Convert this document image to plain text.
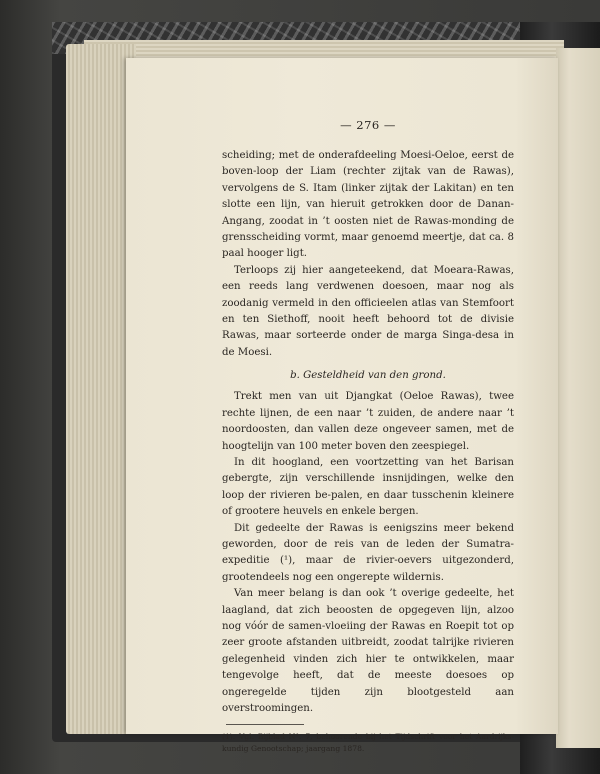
— 276 —

scheiding; met de onderafdeeling Moesi-Oeloe, eerst de boven-loop der Liam (rechter zijtak van de Rawas), vervolgens de S. Itam (linker zijtak der Lakitan) en ten slotte een lijn, van hieruit getrokken door de Danan-Angang, zoodat in ’t oosten niet de Rawas-monding de grensscheiding vormt, maar genoemd meertje, dat ca. 8 paal hooger ligt.

Terloops zij hier aangeteekend, dat Moeara-Rawas, een reeds lang verdwenen doesoen, maar nog als zoodanig vermeld in den officieelen atlas van Stemfoort en ten Siethoff, nooit heeft behoord tot de divisie Rawas, maar sorteerde onder de marga Singa-desa in de Moesi.

b. Gesteldheid van den grond.

Trekt men van uit Djangkat (Oeloe Rawas), twee rechte lijnen, de een naar ’t zuiden, de andere naar ’t noordoosten, dan vallen deze ongeveer samen, met de hoogtelijn van 100 meter boven den zeespiegel.

In dit hoogland, een voortzetting van het Barisan gebergte, zijn verschillende insnijdingen, welke den loop der rivieren be-palen, en daar tusschenin kleinere of grootere heuvels en enkele bergen.

Dit gedeelte der Rawas is eenigszins meer bekend geworden, door de reis van de leden der Sumatra-expeditie (¹), maar de rivier-oevers uitgezonderd, grootendeels nog een ongerepte wildernis.

Van meer belang is dan ook ’t overige gedeelte, het laagland, dat zich beoosten de opgegeven lijn, alzoo nog vóór de samen-vloeiing der Rawas en Roepit tot op zeer groote afstanden uitbreidt, zoodat talrijke rivieren gelegenheid vinden zich hier te ontwikkelen, maar tengevolge heeft, dat de meeste doesoes op ongeregelde tijden zijn blootgesteld aan overstroomingen.

(1). Vgl. Bijblad N°. 7, behoorende bij het Tijdschrift voor het Aardrijks-kundig Genootschap; jaargang 1878.
